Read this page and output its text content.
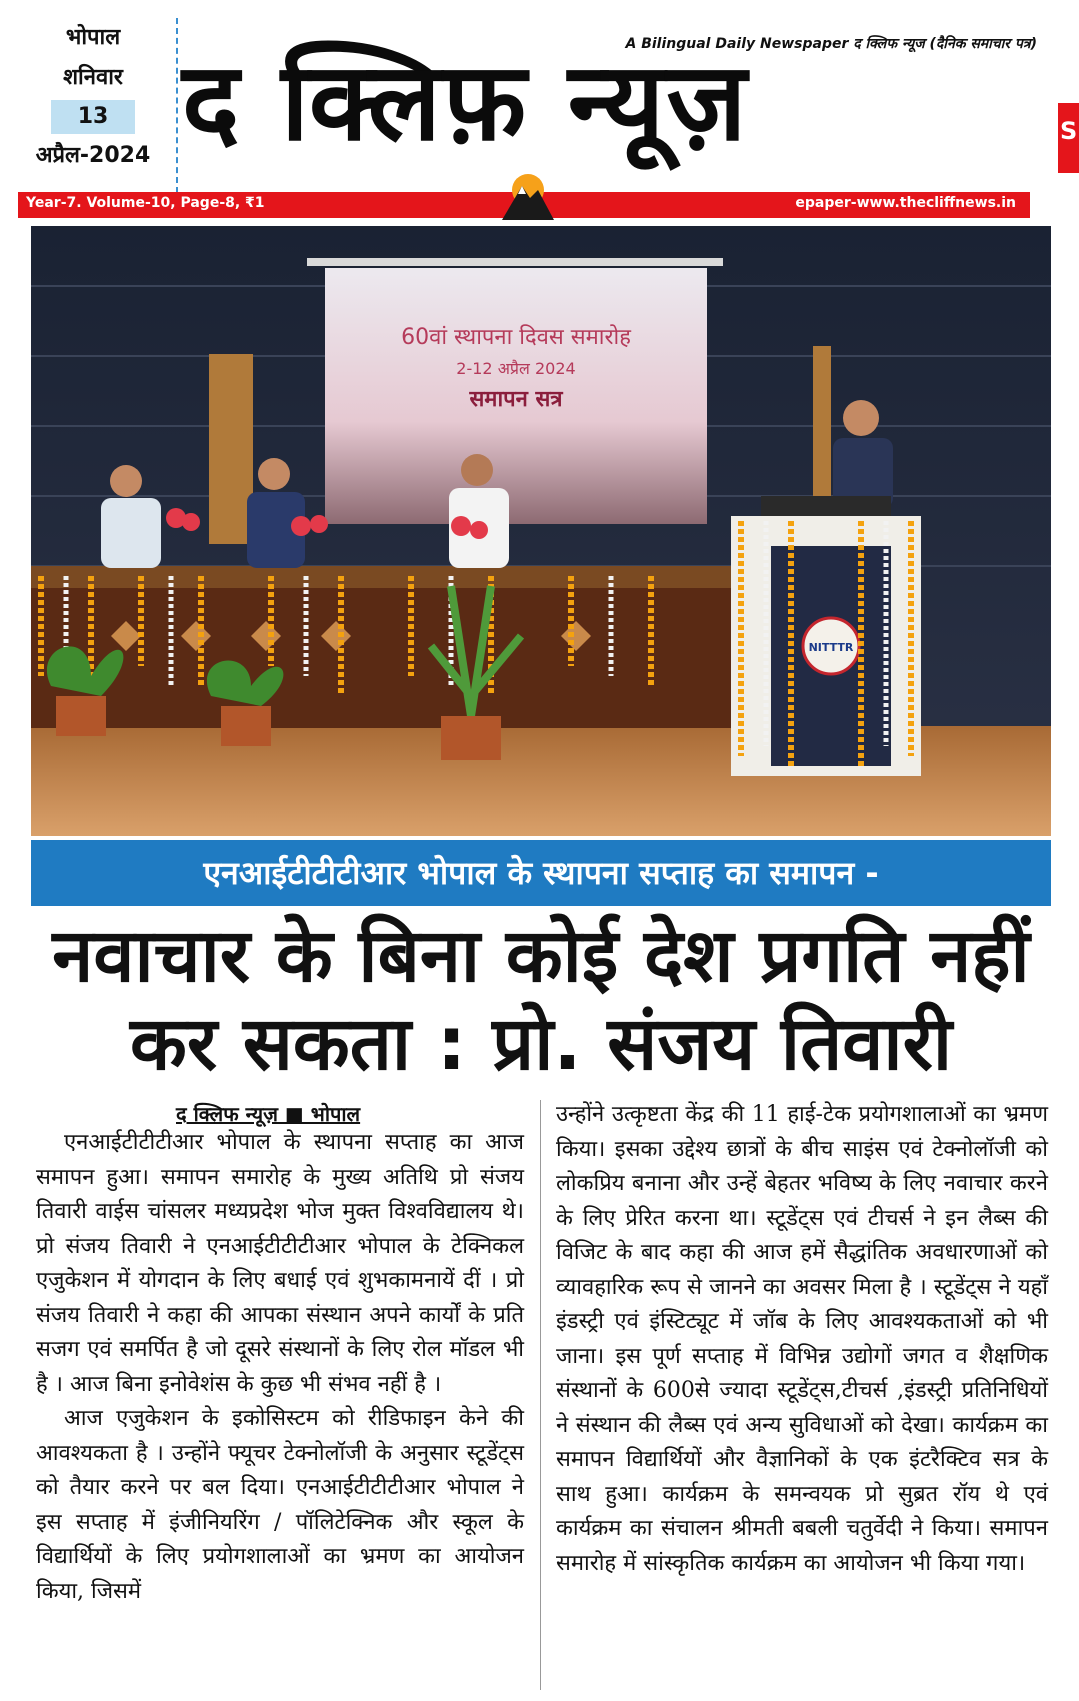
भोपाल
शनिवार
13
अप्रैल-2024
A Bilingual Daily Newspaper द क्लिफ न्यूज (दैनिक समाचार पत्र)
द क्लिफ़ न्यूज़	S
Year-7. Volume-10, Page-8, ₹1	epaper-www.thecliffnews.in
60वां स्थापना दिवस समारोह
2-12 अप्रैल 2024
समापन सत्र
NITTTR
एनआईटीटीटीआर भोपाल के स्थापना सप्ताह का समापन -
नवाचार के बिना कोई देश प्रगति नहीं
कर सकता : प्रो. संजय तिवारी
द क्लिफ न्यूज़ ■ भोपाल

एनआईटीटीटीआर भोपाल के स्थापना सप्ताह का आज समापन हुआ। समापन समारोह के मुख्य अतिथि प्रो संजय तिवारी वाईस चांसलर मध्यप्रदेश भोज मुक्त विश्वविद्यालय थे। प्रो संजय तिवारी ने एनआईटीटीटीआर भोपाल के टेक्निकल एजुकेशन में योगदान के लिए बधाई एवं शुभकामनायें दीं । प्रो संजय तिवारी ने कहा की आपका संस्थान अपने कार्यों के प्रति सजग एवं समर्पित है जो दूसरे संस्थानों के लिए रोल मॉडल भी है । आज बिना इनोवेशंस के कुछ भी संभव नहीं है ।

आज एजुकेशन के इकोसिस्टम को रीडिफाइन केने की आवश्यकता है । उन्होंने फ्यूचर टेक्नोलॉजी के अनुसार स्टूडेंट्स को तैयार करने पर बल दिया। एनआईटीटीटीआर भोपाल ने इस सप्ताह में इंजीनियरिंग / पॉलिटेक्निक और स्कूल के विद्यार्थियों के लिए प्रयोगशालाओं का भ्रमण का आयोजन किया, जिसमें

उन्होंने उत्कृष्टता केंद्र की 11 हाई-टेक प्रयोगशालाओं का भ्रमण किया। इसका उद्देश्य छात्रों के बीच साइंस एवं टेक्नोलॉजी को लोकप्रिय बनाना और उन्हें बेहतर भविष्य के लिए नवाचार करने के लिए प्रेरित करना था। स्टूडेंट्स एवं टीचर्स ने इन लैब्स की विजिट के बाद कहा की आज हमें सैद्धांतिक अवधारणाओं को व्यावहारिक रूप से जानने का अवसर मिला है । स्टूडेंट्स ने यहाँ इंडस्ट्री एवं इंस्टिट्यूट में जॉब के लिए आवश्यकताओं को भी जाना। इस पूर्ण सप्ताह में विभिन्न उद्योगों जगत व शैक्षणिक संस्थानों के 600से ज्यादा स्टूडेंट्स,टीचर्स ,इंडस्ट्री प्रतिनिधियों ने संस्थान की लैब्स एवं अन्य सुविधाओं को देखा। कार्यक्रम का समापन विद्यार्थियों और वैज्ञानिकों के एक इंटरैक्टिव सत्र के साथ हुआ। कार्यक्रम के समन्वयक प्रो सुब्रत रॉय थे एवं कार्यक्रम का संचालन श्रीमती बबली चतुर्वेदी ने किया। समापन समारोह में सांस्कृतिक कार्यक्रम का आयोजन भी किया गया।
